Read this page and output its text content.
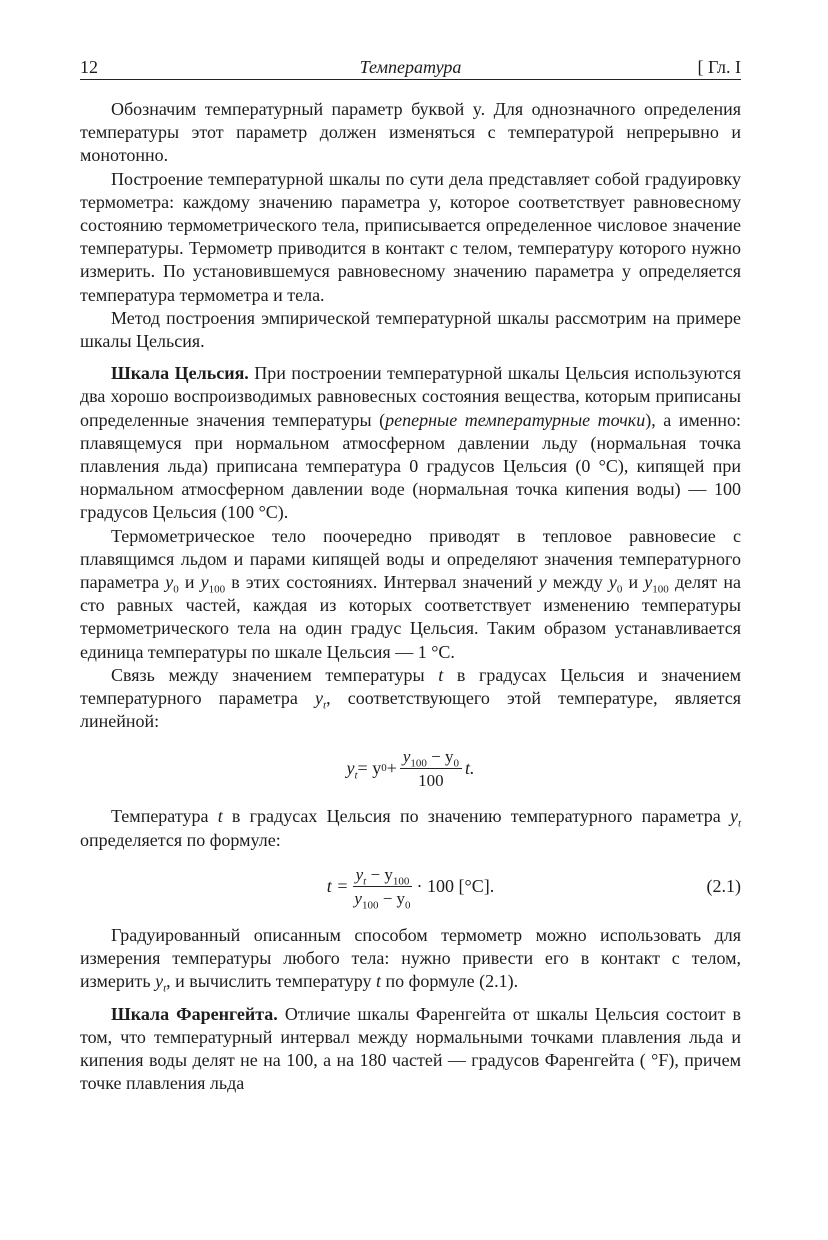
12	Температура	[ Гл. I

Обозначим температурный параметр буквой y. Для однозначного определения температуры этот параметр должен изменяться с температурой непрерывно и монотонно.

Построение температурной шкалы по сути дела представляет собой градуировку термометра: каждому значению параметра y, которое соответствует равновесному состоянию термометрического тела, приписывается определенное числовое значение температуры. Термометр приводится в контакт с телом, температуру которого нужно измерить. По установившемуся равновесному значению параметра y определяется температура термометра и тела.

Метод построения эмпирической температурной шкалы рассмотрим на примере шкалы Цельсия.

Шкала Цельсия. При построении температурной шкалы Цельсия используются два хорошо воспроизводимых равновесных состояния вещества, которым приписаны определенные значения температуры (реперные температурные точки), а именно: плавящемуся при нормальном атмосферном давлении льду (нормальная точка плавления льда) приписана температура 0 градусов Цельсия (0 °С), кипящей при нормальном атмосферном давлении воде (нормальная точка кипения воды) — 100 градусов Цельсия (100 °С).

Термометрическое тело поочередно приводят в тепловое равновесие с плавящимся льдом и парами кипящей воды и определяют значения температурного параметра $y_0$ и $y_{100}$ в этих состояниях. Интервал значений y между $y_0$ и $y_{100}$ делят на сто равных частей, каждая из которых соответствует изменению температуры термометрического тела на один градус Цельсия. Таким образом устанавливается единица температуры по шкале Цельсия — 1 °С.

Связь между значением температуры t в градусах Цельсия и значением температурного параметра $y_t$, соответствующего этой температуре, является линейной:

$y_t = y$ $0 + \frac{y_{100} - y_0}{100} t$.

Температура t в градусах Цельсия по значению температурного параметра $y_t$ определяется по формуле:

$t = \frac{y_t - y_{100}}{y_{100} - y_0} \cdot 100$ [°C].	(2.1)

Градуированный описанным способом термометр можно использовать для измерения температуры любого тела: нужно привести его в контакт с телом, измерить $y_t$, и вычислить температуру t по формуле (2.1).

Шкала Фаренгейта. Отличие шкалы Фаренгейта от шкалы Цельсия состоит в том, что температурный интервал между нормальными точками плавления льда и кипения воды делят не на 100, а на 180 частей — градусов Фаренгейта ( °F), причем точке плавления льда
